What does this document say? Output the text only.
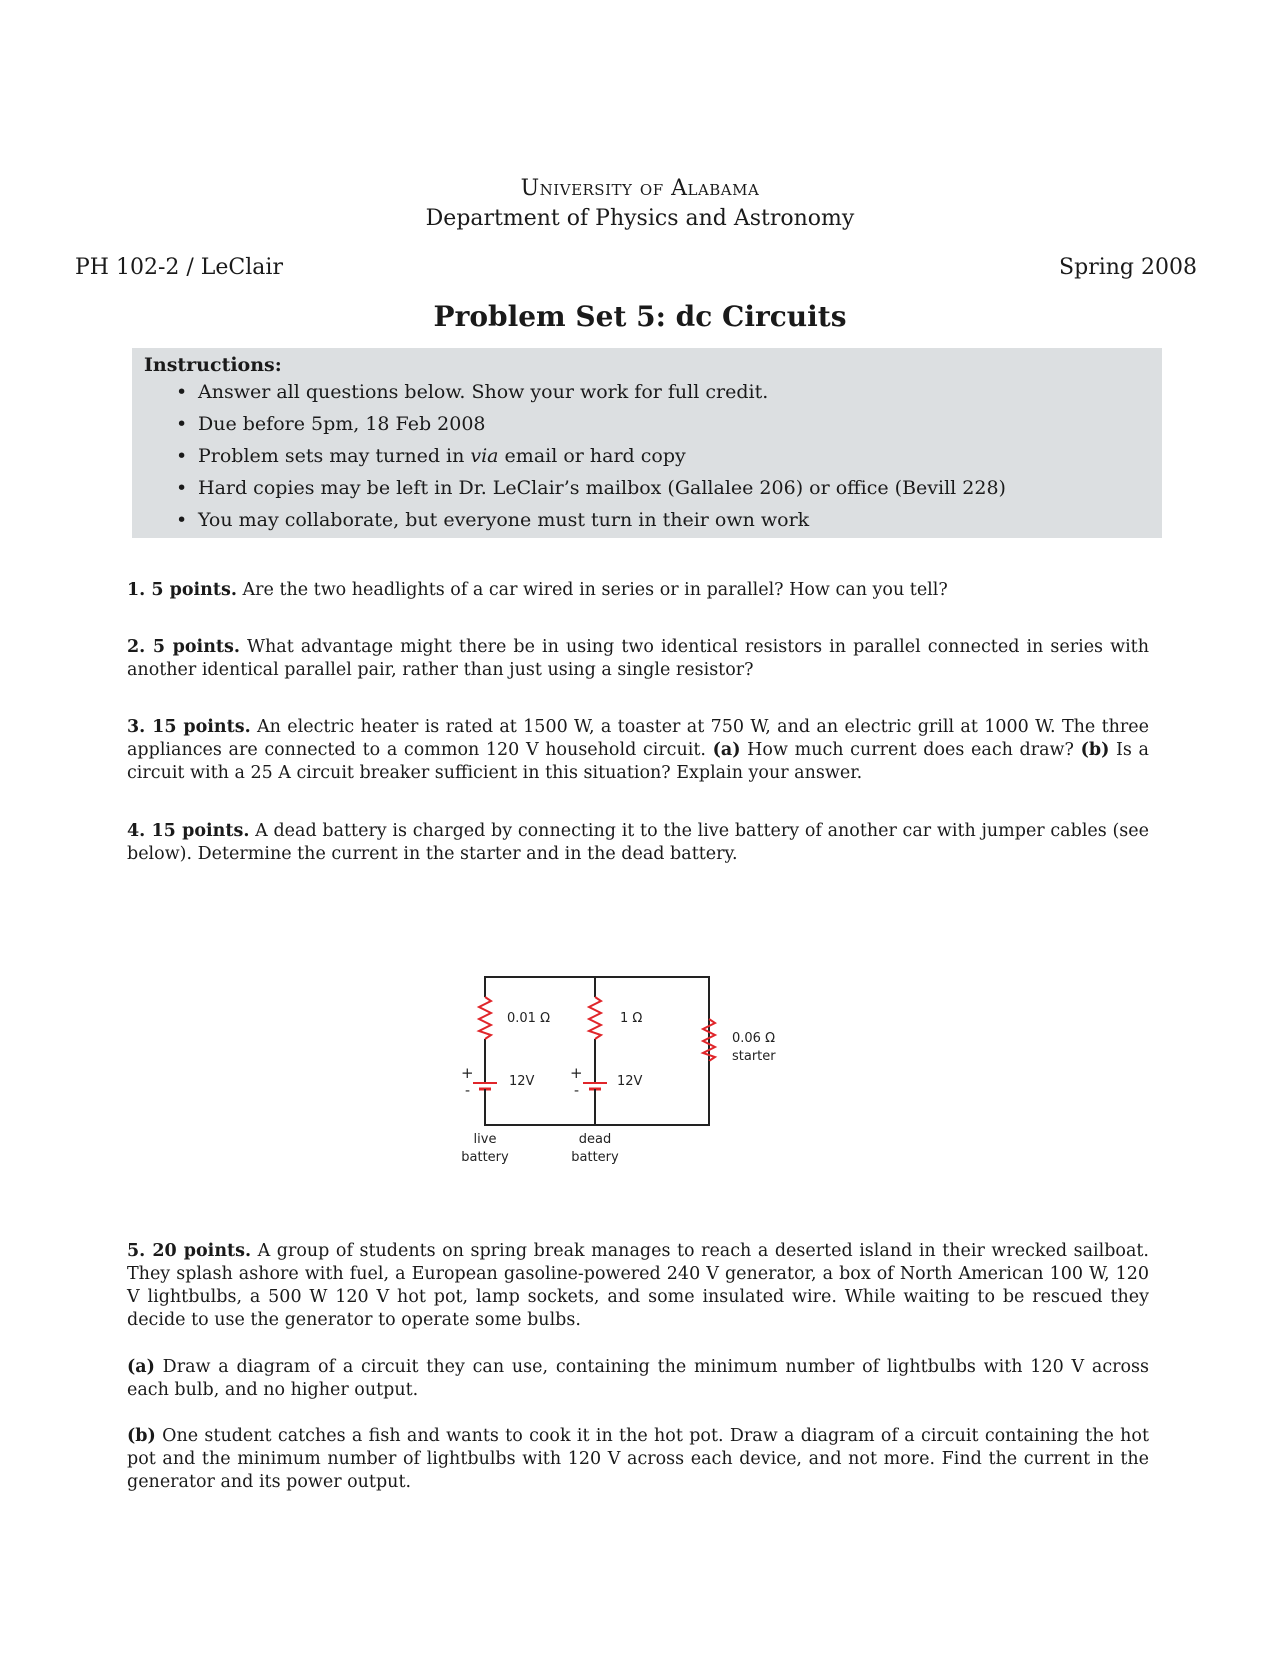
University of Alabama
Department of Physics and Astronomy
PH 102-2 / LeClair	Spring 2008
Problem Set 5: dc Circuits
Instructions:
• Answer all questions below. Show your work for full credit.
• Due before 5pm, 18 Feb 2008
• Problem sets may turned in via email or hard copy
• Hard copies may be left in Dr. LeClair’s mailbox (Gallalee 206) or office (Bevill 228)
• You may collaborate, but everyone must turn in their own work
1. 5 points. Are the two headlights of a car wired in series or in parallel? How can you tell?
2. 5 points. What advantage might there be in using two identical resistors in parallel connected in series with another identical parallel pair, rather than just using a single resistor?
3. 15 points. An electric heater is rated at 1500 W, a toaster at 750 W, and an electric grill at 1000 W. The three appliances are connected to a common 120 V household circuit. (a) How much current does each draw? (b) Is a circuit with a 25 A circuit breaker sufficient in this situation? Explain your answer.
4. 15 points. A dead battery is charged by connecting it to the live battery of another car with jumper cables (see below). Determine the current in the starter and in the dead battery.
0.01 Ω	1 Ω
0.06 Ω
starter
12V	12V
+
-
+
-
live
battery
dead
battery
5. 20 points. A group of students on spring break manages to reach a deserted island in their wrecked sailboat. They splash ashore with fuel, a European gasoline-powered 240 V generator, a box of North American 100 W, 120 V lightbulbs, a 500 W 120 V hot pot, lamp sockets, and some insulated wire. While waiting to be rescued they decide to use the generator to operate some bulbs.
(a) Draw a diagram of a circuit they can use, containing the minimum number of lightbulbs with 120 V across each bulb, and no higher output.
(b) One student catches a fish and wants to cook it in the hot pot. Draw a diagram of a circuit containing the hot pot and the minimum number of lightbulbs with 120 V across each device, and not more. Find the current in the generator and its power output.
